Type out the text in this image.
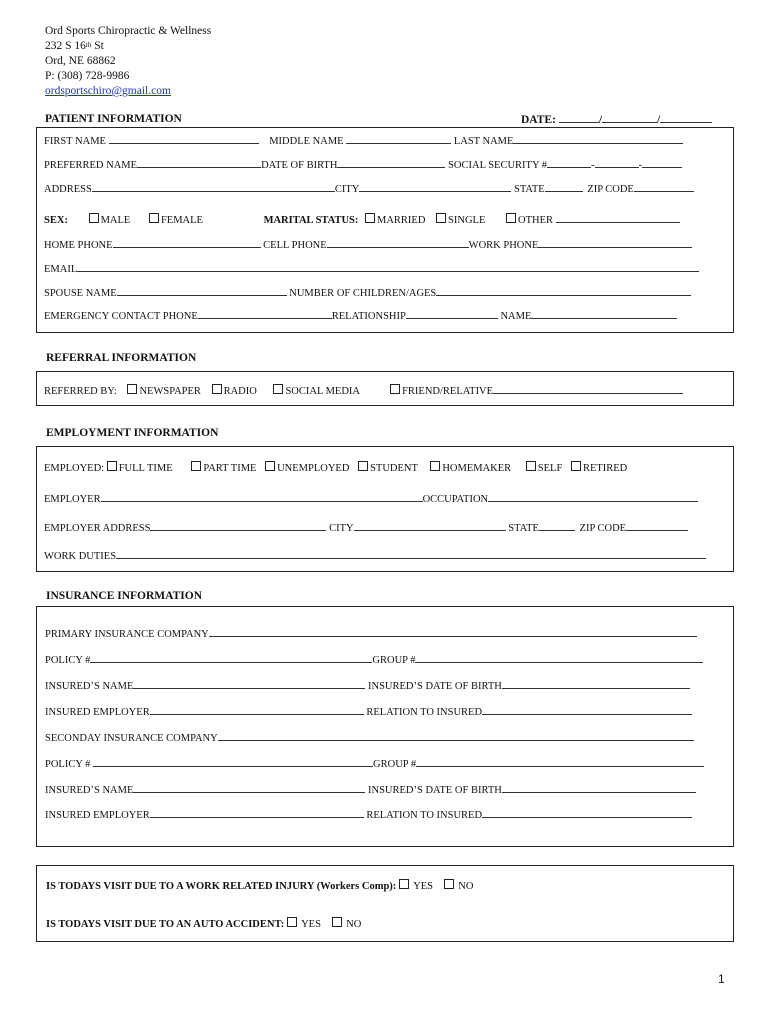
Ord Sports Chiropractic & Wellness
232 S 16th St
Ord, NE 68862
P: (308) 728-9986
ordsportschiro@gmail.com
PATIENT INFORMATION	DATE:	/	/
FIRST NAME	MIDDLE NAME	LAST NAME
PREFERRED NAME	DATE OF BIRTH	SOCIAL SECURITY #	-	-
ADDRESS	CITY	STATE	ZIP CODE
SEX:	MALE	FEMALE	MARITAL STATUS: MARRIED SINGLE	OTHER
HOME PHONE	CELL PHONE	WORK PHONE
EMAIL
SPOUSE NAME	NUMBER OF CHILDREN/AGES
EMERGENCY CONTACT PHONE	RELATIONSHIP	NAME
REFERRAL INFORMATION
REFERRED BY: NEWSPAPER RADIO	SOCIAL MEDIA	FRIEND/RELATIVE
EMPLOYMENT INFORMATION
EMPLOYED: FULL TIME	PART TIME UNEMPLOYED STUDENT HOMEMAKER	SELF RETIRED
EMPLOYER	OCCUPATION
EMPLOYER ADDRESS	CITY	STATE	ZIP CODE
WORK DUTIES
INSURANCE INFORMATION
PRIMARY INSURANCE COMPANY
POLICY #	GROUP #
INSURED’S NAME	INSURED’S DATE OF BIRTH
INSURED EMPLOYER	RELATION TO INSURED
SECONDAY INSURANCE COMPANY
POLICY #	GROUP #
INSURED’S NAME	INSURED’S DATE OF BIRTH
INSURED EMPLOYER	RELATION TO INSURED
IS TODAYS VISIT DUE TO A WORK RELATED INJURY (Workers Comp): YES NO
IS TODAYS VISIT DUE TO AN AUTO ACCIDENT: YES NO
1
